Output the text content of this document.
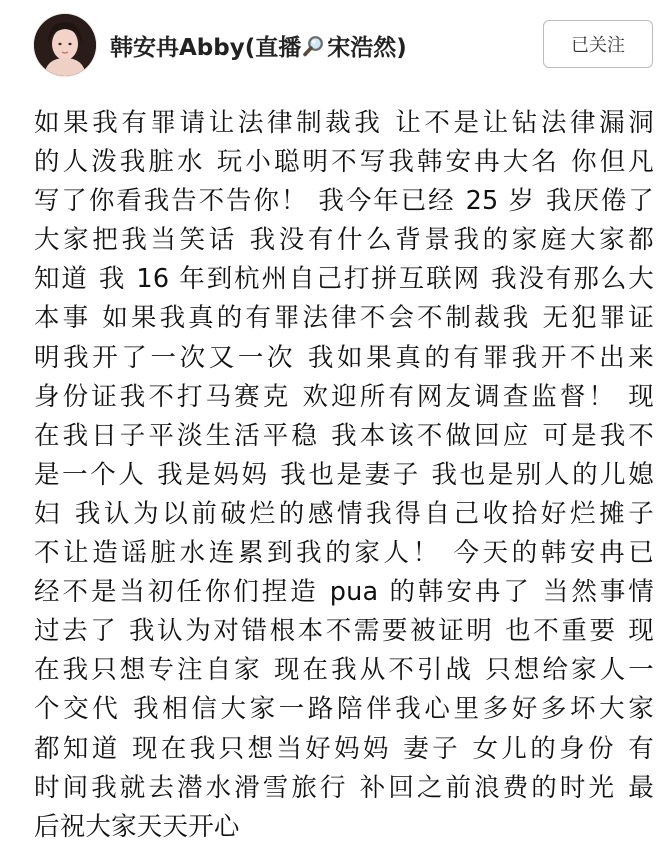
韩安冉Abby(直播 宋浩然)	已关注
如果我有罪请让法律制裁我 让不是让钻法律漏洞
的人泼我脏水 玩小聪明不写我韩安冉大名 你但凡
写了你看我告不告你！ 我今年已经 25 岁 我厌倦了
大家把我当笑话 我没有什么背景我的家庭大家都
知道 我 16 年到杭州自己打拼互联网 我没有那么大
本事 如果我真的有罪法律不会不制裁我 无犯罪证
明我开了一次又一次 我如果真的有罪我开不出来
身份证我不打马赛克 欢迎所有网友调查监督！ 现
在我日子平淡生活平稳 我本该不做回应 可是我不
是一个人 我是妈妈 我也是妻子 我也是别人的儿媳
妇 我认为以前破烂的感情我得自己收拾好烂摊子
不让造谣脏水连累到我的家人！ 今天的韩安冉已
经不是当初任你们捏造 pua 的韩安冉了 当然事情
过去了 我认为对错根本不需要被证明 也不重要 现
在我只想专注自家 现在我从不引战 只想给家人一
个交代 我相信大家一路陪伴我心里多好多坏大家
都知道 现在我只想当好妈妈 妻子 女儿的身份 有
时间我就去潜水滑雪旅行 补回之前浪费的时光 最
后祝大家天天开心
